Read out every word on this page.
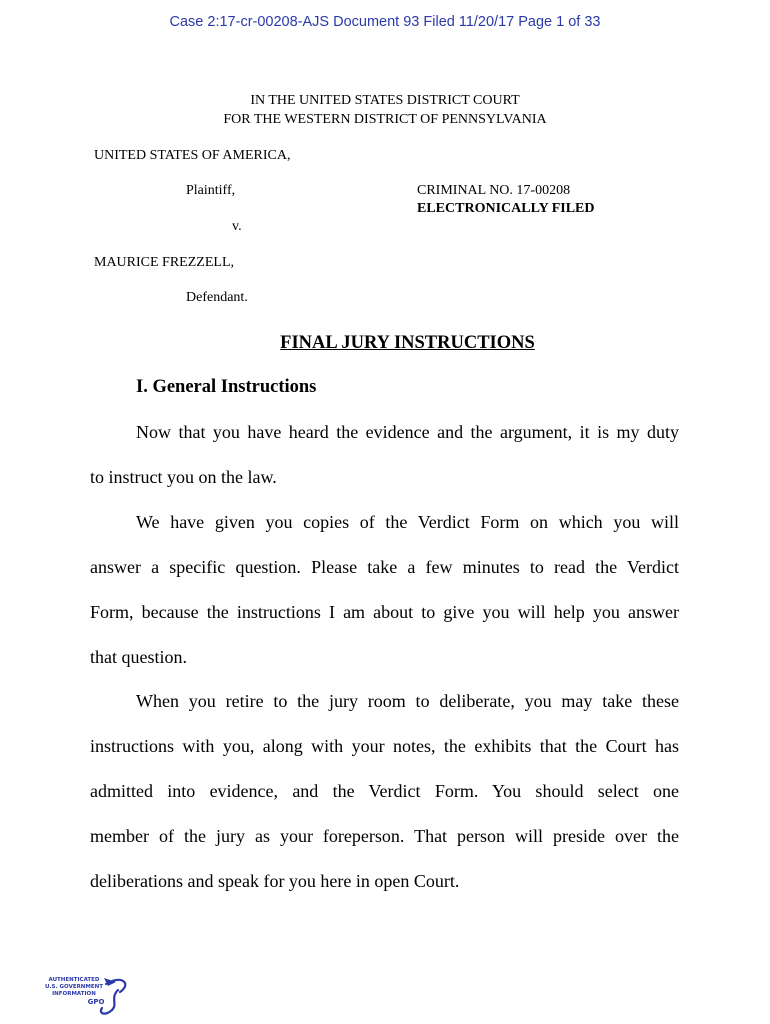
Case 2:17-cr-00208-AJS Document 93 Filed 11/20/17 Page 1 of 33
IN THE UNITED STATES DISTRICT COURT
FOR THE WESTERN DISTRICT OF PENNSYLVANIA
UNITED STATES OF AMERICA,
Plaintiff,	CRIMINAL NO. 17-00208
ELECTRONICALLY FILED
v.
MAURICE FREZZELL,
Defendant.
FINAL JURY INSTRUCTIONS
I. General Instructions
Now that you have heard the evidence and the argument, it is my duty
to instruct you on the law.
We have given you copies of the Verdict Form on which you will
answer a specific question. Please take a few minutes to read the Verdict
Form, because the instructions I am about to give you will help you answer
that question.
When you retire to the jury room to deliberate, you may take these
instructions with you, along with your notes, the exhibits that the Court has
admitted into evidence, and the Verdict Form. You should select one
member of the jury as your foreperson. That person will preside over the
deliberations and speak for you here in open Court.
AUTHENTICATED
U.S. GOVERNMENT
INFORMATION
GPO
